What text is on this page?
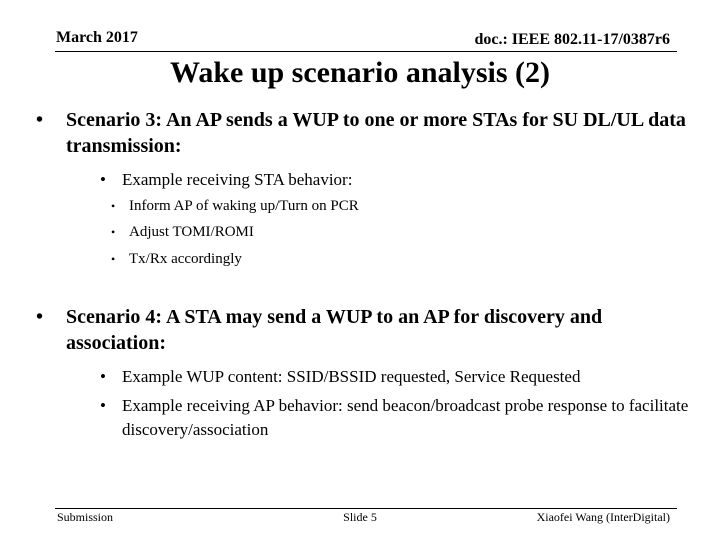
March 2017	doc.: IEEE 802.11-17/0387r6
Wake up scenario analysis (2)
• Scenario 3: An AP sends a WUP to one or more STAs for SU DL/UL data transmission:
• Example receiving STA behavior:
• Inform AP of waking up/Turn on PCR
• Adjust TOMI/ROMI
• Tx/Rx accordingly
• Scenario 4: A STA may send a WUP to an AP for discovery and association:
• Example WUP content: SSID/BSSID requested, Service Requested
• Example receiving AP behavior: send beacon/broadcast probe response to facilitate discovery/association
Submission	Slide 5	Xiaofei Wang (InterDigital)
